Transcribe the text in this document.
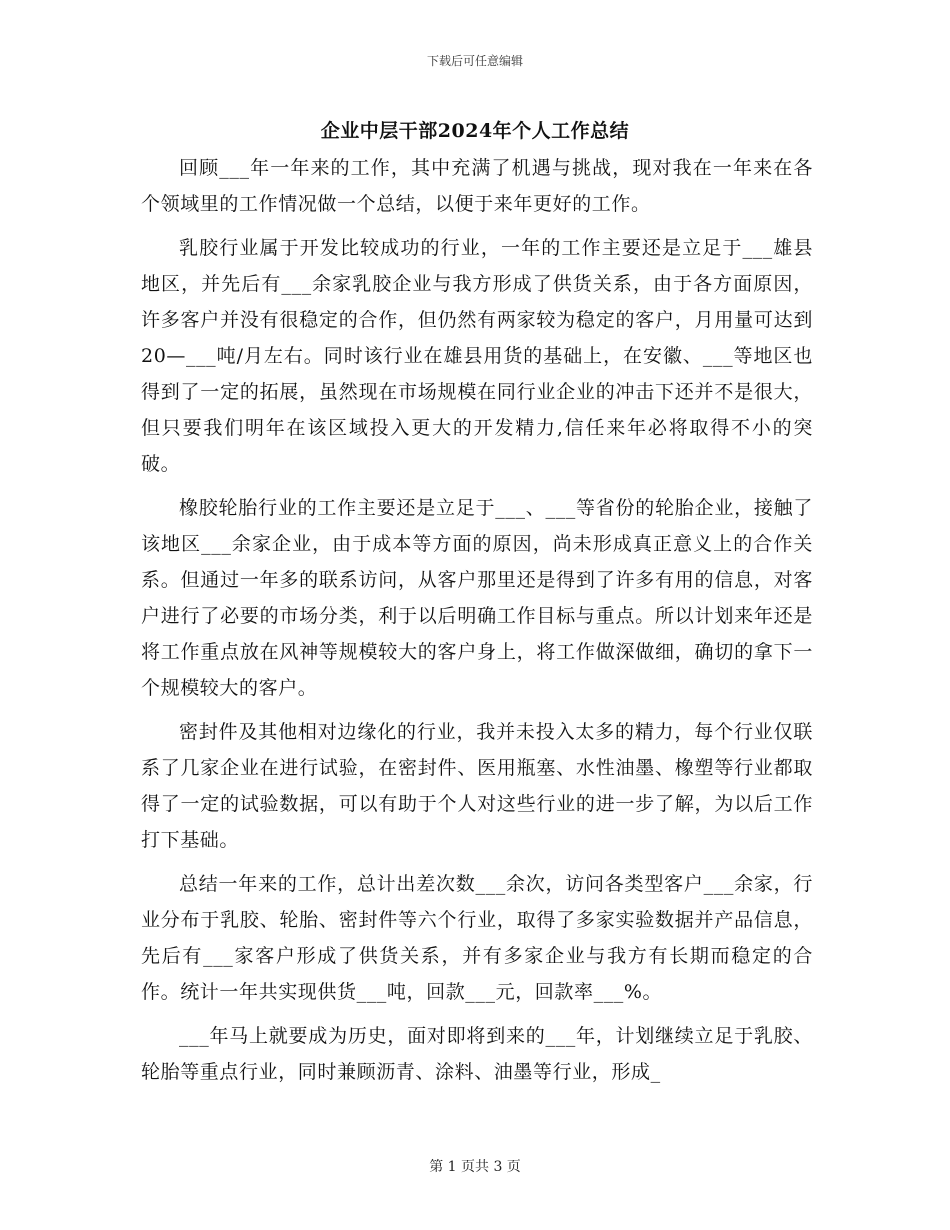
下载后可任意编辑
企业中层干部2024年个人工作总结

回顾___年一年来的工作，其中充满了机遇与挑战，现对我在一年来在各个领域里的工作情况做一个总结，以便于来年更好的工作。

乳胶行业属于开发比较成功的行业，一年的工作主要还是立足于___雄县地区，并先后有___余家乳胶企业与我方形成了供货关系，由于各方面原因，许多客户并没有很稳定的合作，但仍然有两家较为稳定的客户，月用量可达到20—___吨/月左右。同时该行业在雄县用货的基础上，在安徽、___等地区也得到了一定的拓展，虽然现在市场规模在同行业企业的冲击下还并不是很大，但只要我们明年在该区域投入更大的开发精力,信任来年必将取得不小的突破。

橡胶轮胎行业的工作主要还是立足于___、___等省份的轮胎企业，接触了该地区___余家企业，由于成本等方面的原因，尚未形成真正意义上的合作关系。但通过一年多的联系访问，从客户那里还是得到了许多有用的信息，对客户进行了必要的市场分类，利于以后明确工作目标与重点。所以计划来年还是将工作重点放在风神等规模较大的客户身上，将工作做深做细，确切的拿下一个规模较大的客户。

密封件及其他相对边缘化的行业，我并未投入太多的精力，每个行业仅联系了几家企业在进行试验，在密封件、医用瓶塞、水性油墨、橡塑等行业都取得了一定的试验数据，可以有助于个人对这些行业的进一步了解，为以后工作打下基础。

总结一年来的工作，总计出差次数___余次，访问各类型客户___余家，行业分布于乳胶、轮胎、密封件等六个行业，取得了多家实验数据并产品信息，先后有___家客户形成了供货关系，并有多家企业与我方有长期而稳定的合作。统计一年共实现供货___吨，回款___元，回款率___%。

___年马上就要成为历史，面对即将到来的___年，计划继续立足于乳胶、轮胎等重点行业，同时兼顾沥青、涂料、油墨等行业，形成_

第 1 页共 3 页
